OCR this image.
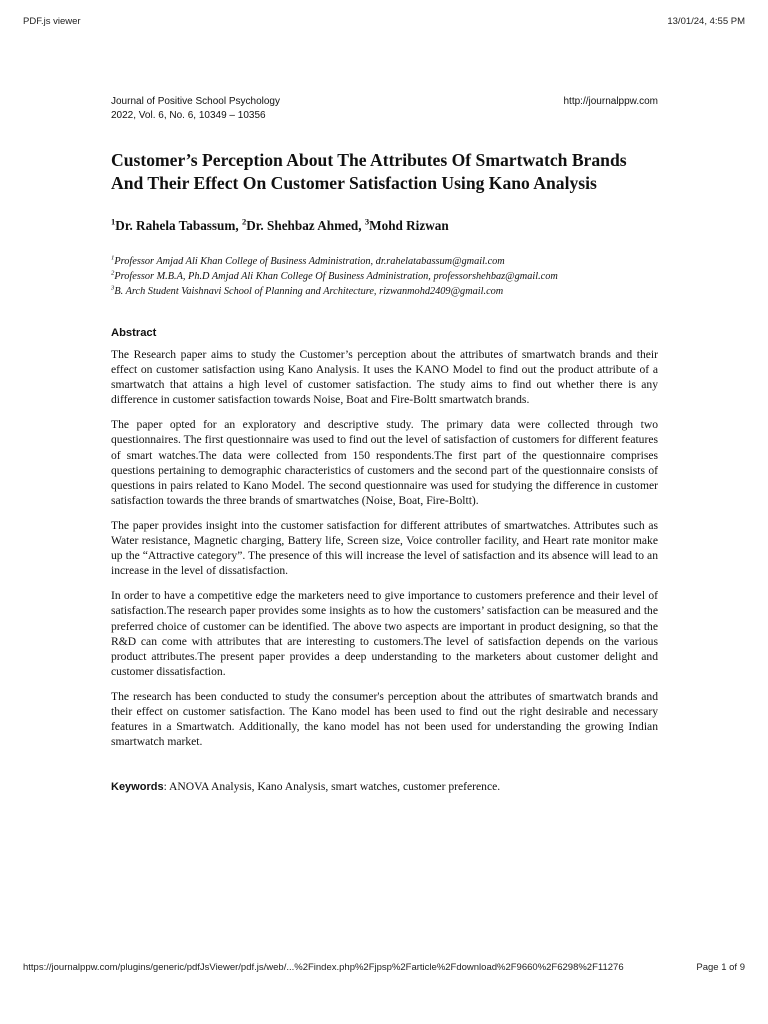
PDF.js viewer	13/01/24, 4:55 PM
Journal of Positive School Psychology
2022, Vol. 6, No. 6, 10349 – 10356
http://journalppw.com
Customer’s Perception About The Attributes Of Smartwatch Brands And Their Effect On Customer Satisfaction Using Kano Analysis
$^1$Dr. Rahela Tabassum, $^2$Dr. Shehbaz Ahmed, $^3$Mohd Rizwan
$^1$Professor Amjad Ali Khan College of Business Administration, dr.rahelatabassum@gmail.com
$^2$Professor M.B.A, Ph.D Amjad Ali Khan College Of Business Administration, professorshehbaz@gmail.com
$^3$B. Arch Student Vaishnavi School of Planning and Architecture, rizwanmohd2409@gmail.com
Abstract

The Research paper aims to study the Customer’s perception about the attributes of smartwatch brands and their effect on customer satisfaction using Kano Analysis. It uses the KANO Model to find out the product attribute of a smartwatch that attains a high level of customer satisfaction. The study aims to find out whether there is any difference in customer satisfaction towards Noise, Boat and Fire-Boltt smartwatch brands.

The paper opted for an exploratory and descriptive study. The primary data were collected through two questionnaires. The first questionnaire was used to find out the level of satisfaction of customers for different features of smart watches.The data were collected from 150 respondents.The first part of the questionnaire comprises questions pertaining to demographic characteristics of customers and the second part of the questionnaire consists of questions in pairs related to Kano Model. The second questionnaire was used for studying the difference in customer satisfaction towards the three brands of smartwatches (Noise, Boat, Fire-Boltt).

The paper provides insight into the customer satisfaction for different attributes of smartwatches. Attributes such as Water resistance, Magnetic charging, Battery life, Screen size, Voice controller facility, and Heart rate monitor make up the “Attractive category”. The presence of this will increase the level of satisfaction and its absence will lead to an increase in the level of dissatisfaction.

In order to have a competitive edge the marketers need to give importance to customers preference and their level of satisfaction.The research paper provides some insights as to how the customers’ satisfaction can be measured and the preferred choice of customer can be identified. The above two aspects are important in product designing, so that the R&D can come with attributes that are interesting to customers.The level of satisfaction depends on the various product attributes.The present paper provides a deep understanding to the marketers about customer delight and customer dissatisfaction.

The research has been conducted to study the consumer's perception about the attributes of smartwatch brands and their effect on customer satisfaction. The Kano model has been used to find out the right desirable and necessary features in a Smartwatch. Additionally, the kano model has not been used for understanding the growing Indian smartwatch market.

Keywords: ANOVA Analysis, Kano Analysis, smart watches, customer preference.
https://journalppw.com/plugins/generic/pdfJsViewer/pdf.js/web/...%2Findex.php%2Fjpsp%2Farticle%2Fdownload%2F9660%2F6298%2F11276	Page 1 of 9
